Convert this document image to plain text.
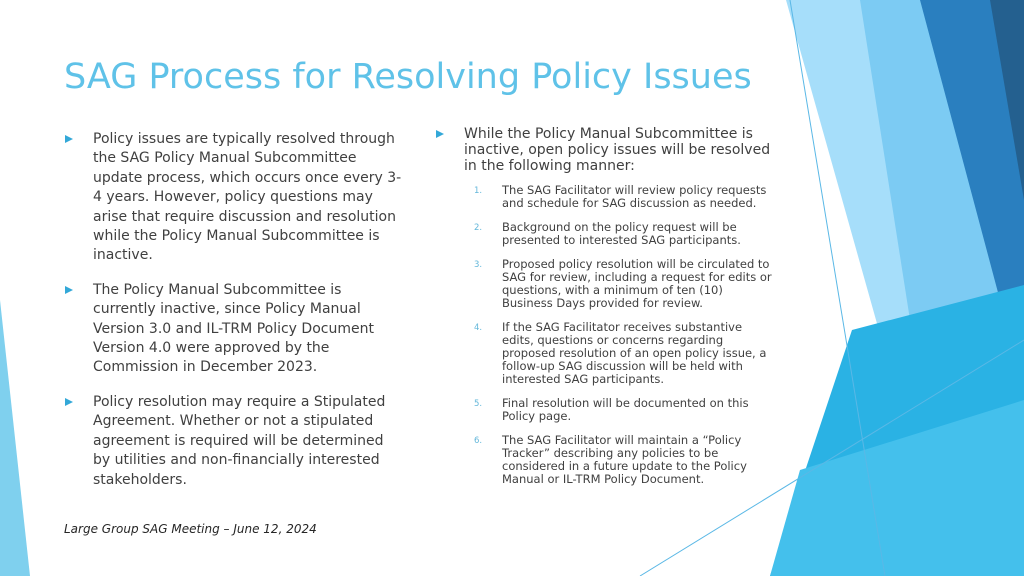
SAG Process for Resolving Policy Issues
Policy issues are typically resolved through the SAG Policy Manual Subcommittee update process, which occurs once every 3-4 years. However, policy questions may arise that require discussion and resolution while the Policy Manual Subcommittee is inactive.
The Policy Manual Subcommittee is currently inactive, since Policy Manual Version 3.0 and IL-TRM Policy Document Version 4.0 were approved by the Commission in December 2023.
Policy resolution may require a Stipulated Agreement. Whether or not a stipulated agreement is required will be determined by utilities and non-financially interested stakeholders.

While the Policy Manual Subcommittee is inactive, open policy issues will be resolved in the following manner:

1. The SAG Facilitator will review policy requests and schedule for SAG discussion as needed.
2. Background on the policy request will be presented to interested SAG participants.
3. Proposed policy resolution will be circulated to SAG for review, including a request for edits or questions, with a minimum of ten (10) Business Days provided for review.
4. If the SAG Facilitator receives substantive edits, questions or concerns regarding proposed resolution of an open policy issue, a follow-up SAG discussion will be held with interested SAG participants.
5. Final resolution will be documented on this Policy page.
6. The SAG Facilitator will maintain a “Policy Tracker” describing any policies to be considered in a future update to the Policy Manual or IL-TRM Policy Document.
Large Group SAG Meeting – June 12, 2024
